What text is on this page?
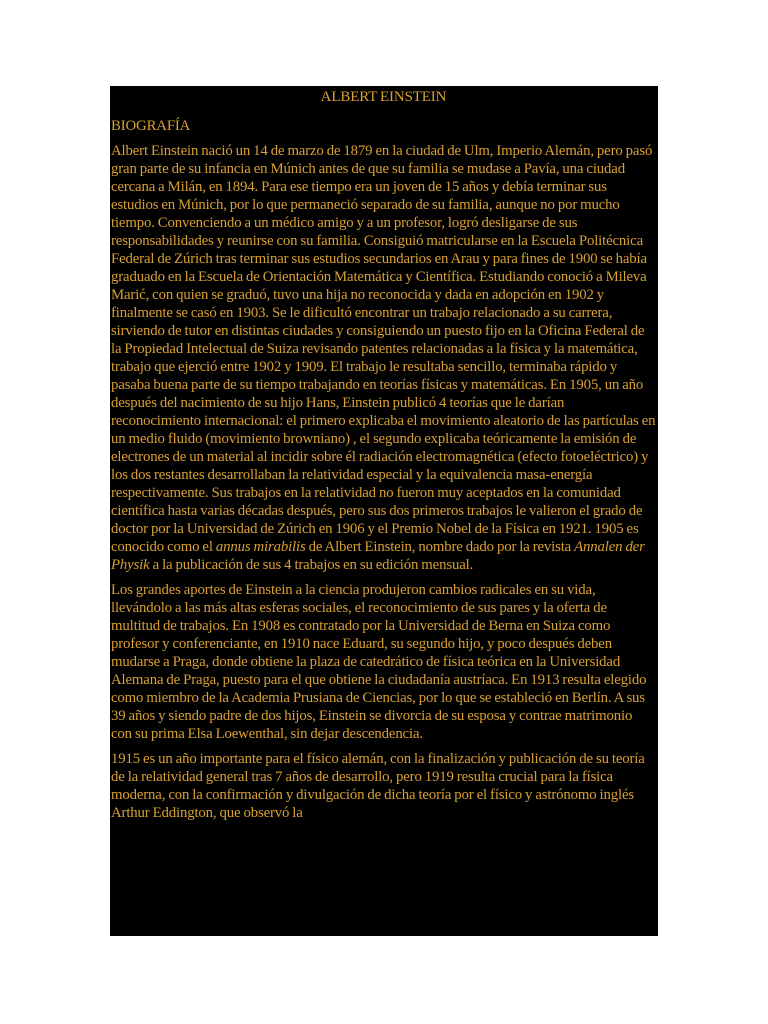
ALBERT EINSTEIN
BIOGRAFÍA

Albert Einstein nació un 14 de marzo de 1879 en la ciudad de Ulm, Imperio Alemán, pero pasó gran parte de su infancia en Múnich antes de que su familia se mudase a Pavía, una ciudad cercana a Milán, en 1894. Para ese tiempo era un joven de 15 años y debía terminar sus estudios en Múnich, por lo que permaneció separado de su familia, aunque no por mucho tiempo. Convenciendo a un médico amigo y a un profesor, logró desligarse de sus responsabilidades y reunirse con su familia. Consiguió matricularse en la Escuela Politécnica Federal de Zúrich tras terminar sus estudios secundarios en Arau y para fines de 1900 se había graduado en la Escuela de Orientación Matemática y Científica. Estudiando conoció a Mileva Marić, con quien se graduó, tuvo una hija no reconocida y dada en adopción en 1902 y finalmente se casó en 1903. Se le dificultó encontrar un trabajo relacionado a su carrera, sirviendo de tutor en distintas ciudades y consiguiendo un puesto fijo en la Oficina Federal de la Propiedad Intelectual de Suiza revisando patentes relacionadas a la física y la matemática, trabajo que ejerció entre 1902 y 1909. El trabajo le resultaba sencillo, terminaba rápido y pasaba buena parte de su tiempo trabajando en teorías físicas y matemáticas. En 1905, un año después del nacimiento de su hijo Hans, Einstein publicó 4 teorías que le darían reconocimiento internacional: el primero explicaba el movimiento aleatorio de las partículas en un medio fluido (movimiento browniano) , el segundo explicaba teóricamente la emisión de electrones de un material al incidir sobre él radiación electromagnética (efecto fotoeléctrico) y los dos restantes desarrollaban la relatividad especial y la equivalencia masa-energía respectivamente. Sus trabajos en la relatividad no fueron muy aceptados en la comunidad científica hasta varias décadas después, pero sus dos primeros trabajos le valieron el grado de doctor por la Universidad de Zúrich en 1906 y el Premio Nobel de la Física en 1921. 1905 es conocido como el annus mirabilis de Albert Einstein, nombre dado por la revista Annalen der Physik a la publicación de sus 4 trabajos en su edición mensual.

Los grandes aportes de Einstein a la ciencia produjeron cambios radicales en su vida, llevándolo a las más altas esferas sociales, el reconocimiento de sus pares y la oferta de multitud de trabajos. En 1908 es contratado por la Universidad de Berna en Suiza como profesor y conferenciante, en 1910 nace Eduard, su segundo hijo, y poco después deben mudarse a Praga, donde obtiene la plaza de catedrático de física teórica en la Universidad Alemana de Praga, puesto para el que obtiene la ciudadanía austríaca. En 1913 resulta elegido como miembro de la Academia Prusiana de Ciencias, por lo que se estableció en Berlín. A sus 39 años y siendo padre de dos hijos, Einstein se divorcia de su esposa y contrae matrimonio con su prima Elsa Loewenthal, sin dejar descendencia.

1915 es un año importante para el físico alemán, con la finalización y publicación de su teoría de la relatividad general tras 7 años de desarrollo, pero 1919 resulta crucial para la física moderna, con la confirmación y divulgación de dicha teoría por el físico y astrónomo inglés Arthur Eddington, que observó la
